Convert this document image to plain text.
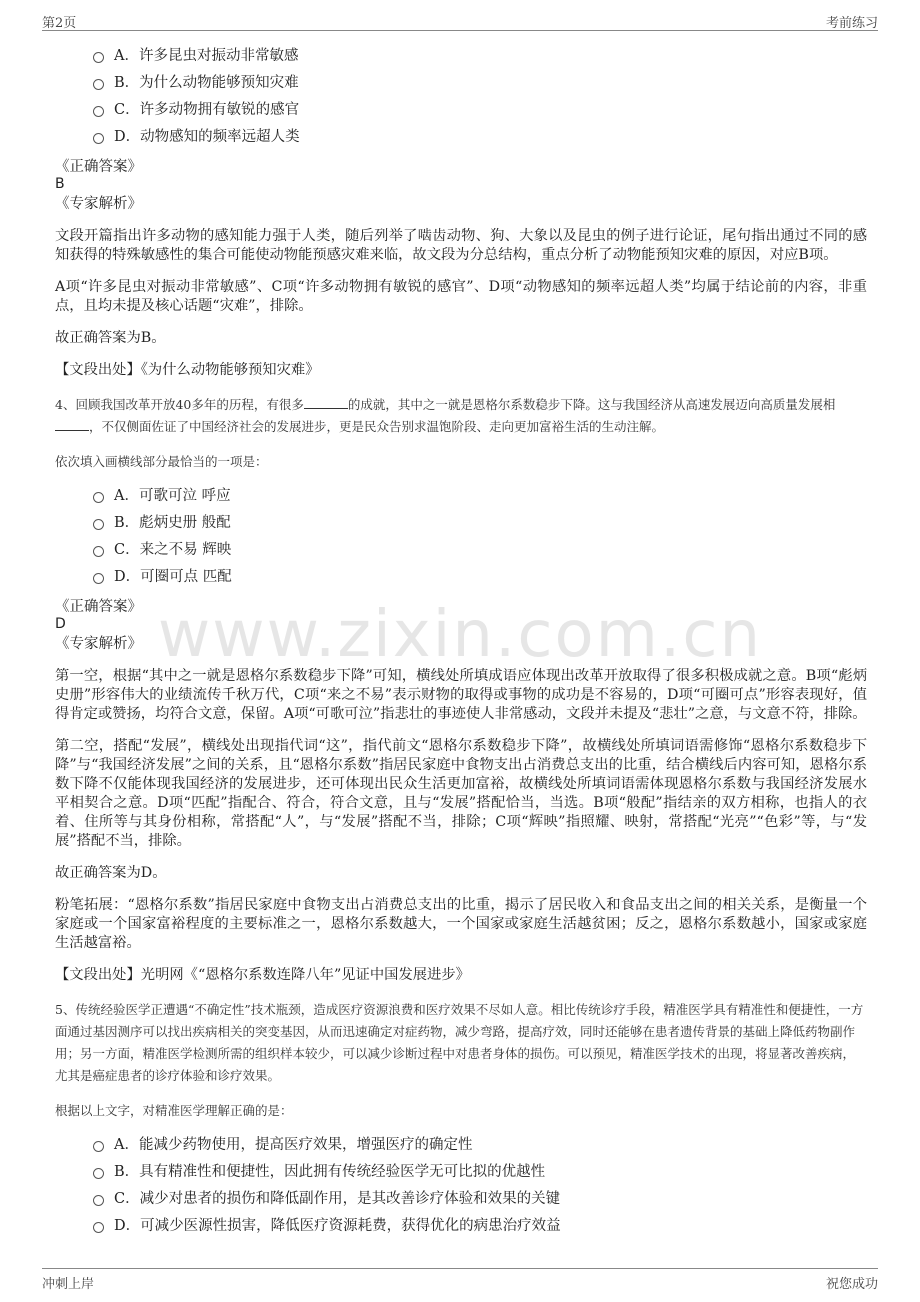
第2页	考前练习
www.zixin.com.cn
A．许多昆虫对振动非常敏感
B．为什么动物能够预知灾难
C．许多动物拥有敏锐的感官
D．动物感知的频率远超人类

《正确答案》

B

《专家解析》

文段开篇指出许多动物的感知能力强于人类，随后列举了啮齿动物、狗、大象以及昆虫的例子进行论证，尾句指出通过不同的感知获得的特殊敏感性的集合可能使动物能预感灾难来临，故文段为分总结构，重点分析了动物能预知灾难的原因，对应B项。

A项“许多昆虫对振动非常敏感”、C项“许多动物拥有敏锐的感官”、D项“动物感知的频率远超人类”均属于结论前的内容，非重点，且均未提及核心话题“灾难”，排除。

故正确答案为B。

【文段出处】《为什么动物能够预知灾难》

4、回顾我国改革开放40多年的历程，有很多	的成就，其中之一就是恩格尔系数稳步下降。这与我国经济从高速发展迈向高质量发展相，不仅侧面佐证了中国经济社会的发展进步，更是民众告别求温饱阶段、走向更加富裕生活的生动注解。

依次填入画横线部分最恰当的一项是：

A．可歌可泣 呼应
B．彪炳史册 般配
C．来之不易 辉映
D．可圈可点 匹配

《正确答案》

D

《专家解析》

第一空，根据“其中之一就是恩格尔系数稳步下降”可知，横线处所填成语应体现出改革开放取得了很多积极成就之意。B项“彪炳史册”形容伟大的业绩流传千秋万代，C项“来之不易”表示财物的取得或事物的成功是不容易的，D项“可圈可点”形容表现好，值得肯定或赞扬，均符合文意，保留。A项“可歌可泣”指悲壮的事迹使人非常感动，文段并未提及“悲壮”之意，与文意不符，排除。

第二空，搭配“发展”，横线处出现指代词“这”，指代前文“恩格尔系数稳步下降”，故横线处所填词语需修饰“恩格尔系数稳步下降”与“我国经济发展”之间的关系，且“恩格尔系数”指居民家庭中食物支出占消费总支出的比重，结合横线后内容可知，恩格尔系数下降不仅能体现我国经济的发展进步，还可体现出民众生活更加富裕，故横线处所填词语需体现恩格尔系数与我国经济发展水平相契合之意。D项“匹配”指配合、符合，符合文意，且与“发展”搭配恰当，当选。B项“般配”指结亲的双方相称，也指人的衣着、住所等与其身份相称，常搭配“人”，与“发展”搭配不当，排除；C项“辉映”指照耀、映射，常搭配“光亮”“色彩”等，与“发展”搭配不当，排除。

故正确答案为D。

粉笔拓展：“恩格尔系数”指居民家庭中食物支出占消费总支出的比重，揭示了居民收入和食品支出之间的相关关系，是衡量一个家庭或一个国家富裕程度的主要标准之一，恩格尔系数越大，一个国家或家庭生活越贫困；反之，恩格尔系数越小，国家或家庭生活越富裕。

【文段出处】光明网《“恩格尔系数连降八年”见证中国发展进步》

5、传统经验医学正遭遇“不确定性”技术瓶颈，造成医疗资源浪费和医疗效果不尽如人意。相比传统诊疗手段，精准医学具有精准性和便捷性，一方面通过基因测序可以找出疾病相关的突变基因，从而迅速确定对症药物，减少弯路，提高疗效，同时还能够在患者遗传背景的基础上降低药物副作用；另一方面，精准医学检测所需的组织样本较少，可以减少诊断过程中对患者身体的损伤。可以预见，精准医学技术的出现，将显著改善疾病，尤其是癌症患者的诊疗体验和诊疗效果。

根据以上文字，对精准医学理解正确的是：

A．能减少药物使用，提高医疗效果，增强医疗的确定性
B．具有精准性和便捷性，因此拥有传统经验医学无可比拟的优越性
C．减少对患者的损伤和降低副作用，是其改善诊疗体验和效果的关键
D．可减少医源性损害，降低医疗资源耗费，获得优化的病患治疗效益
冲刺上岸	祝您成功
